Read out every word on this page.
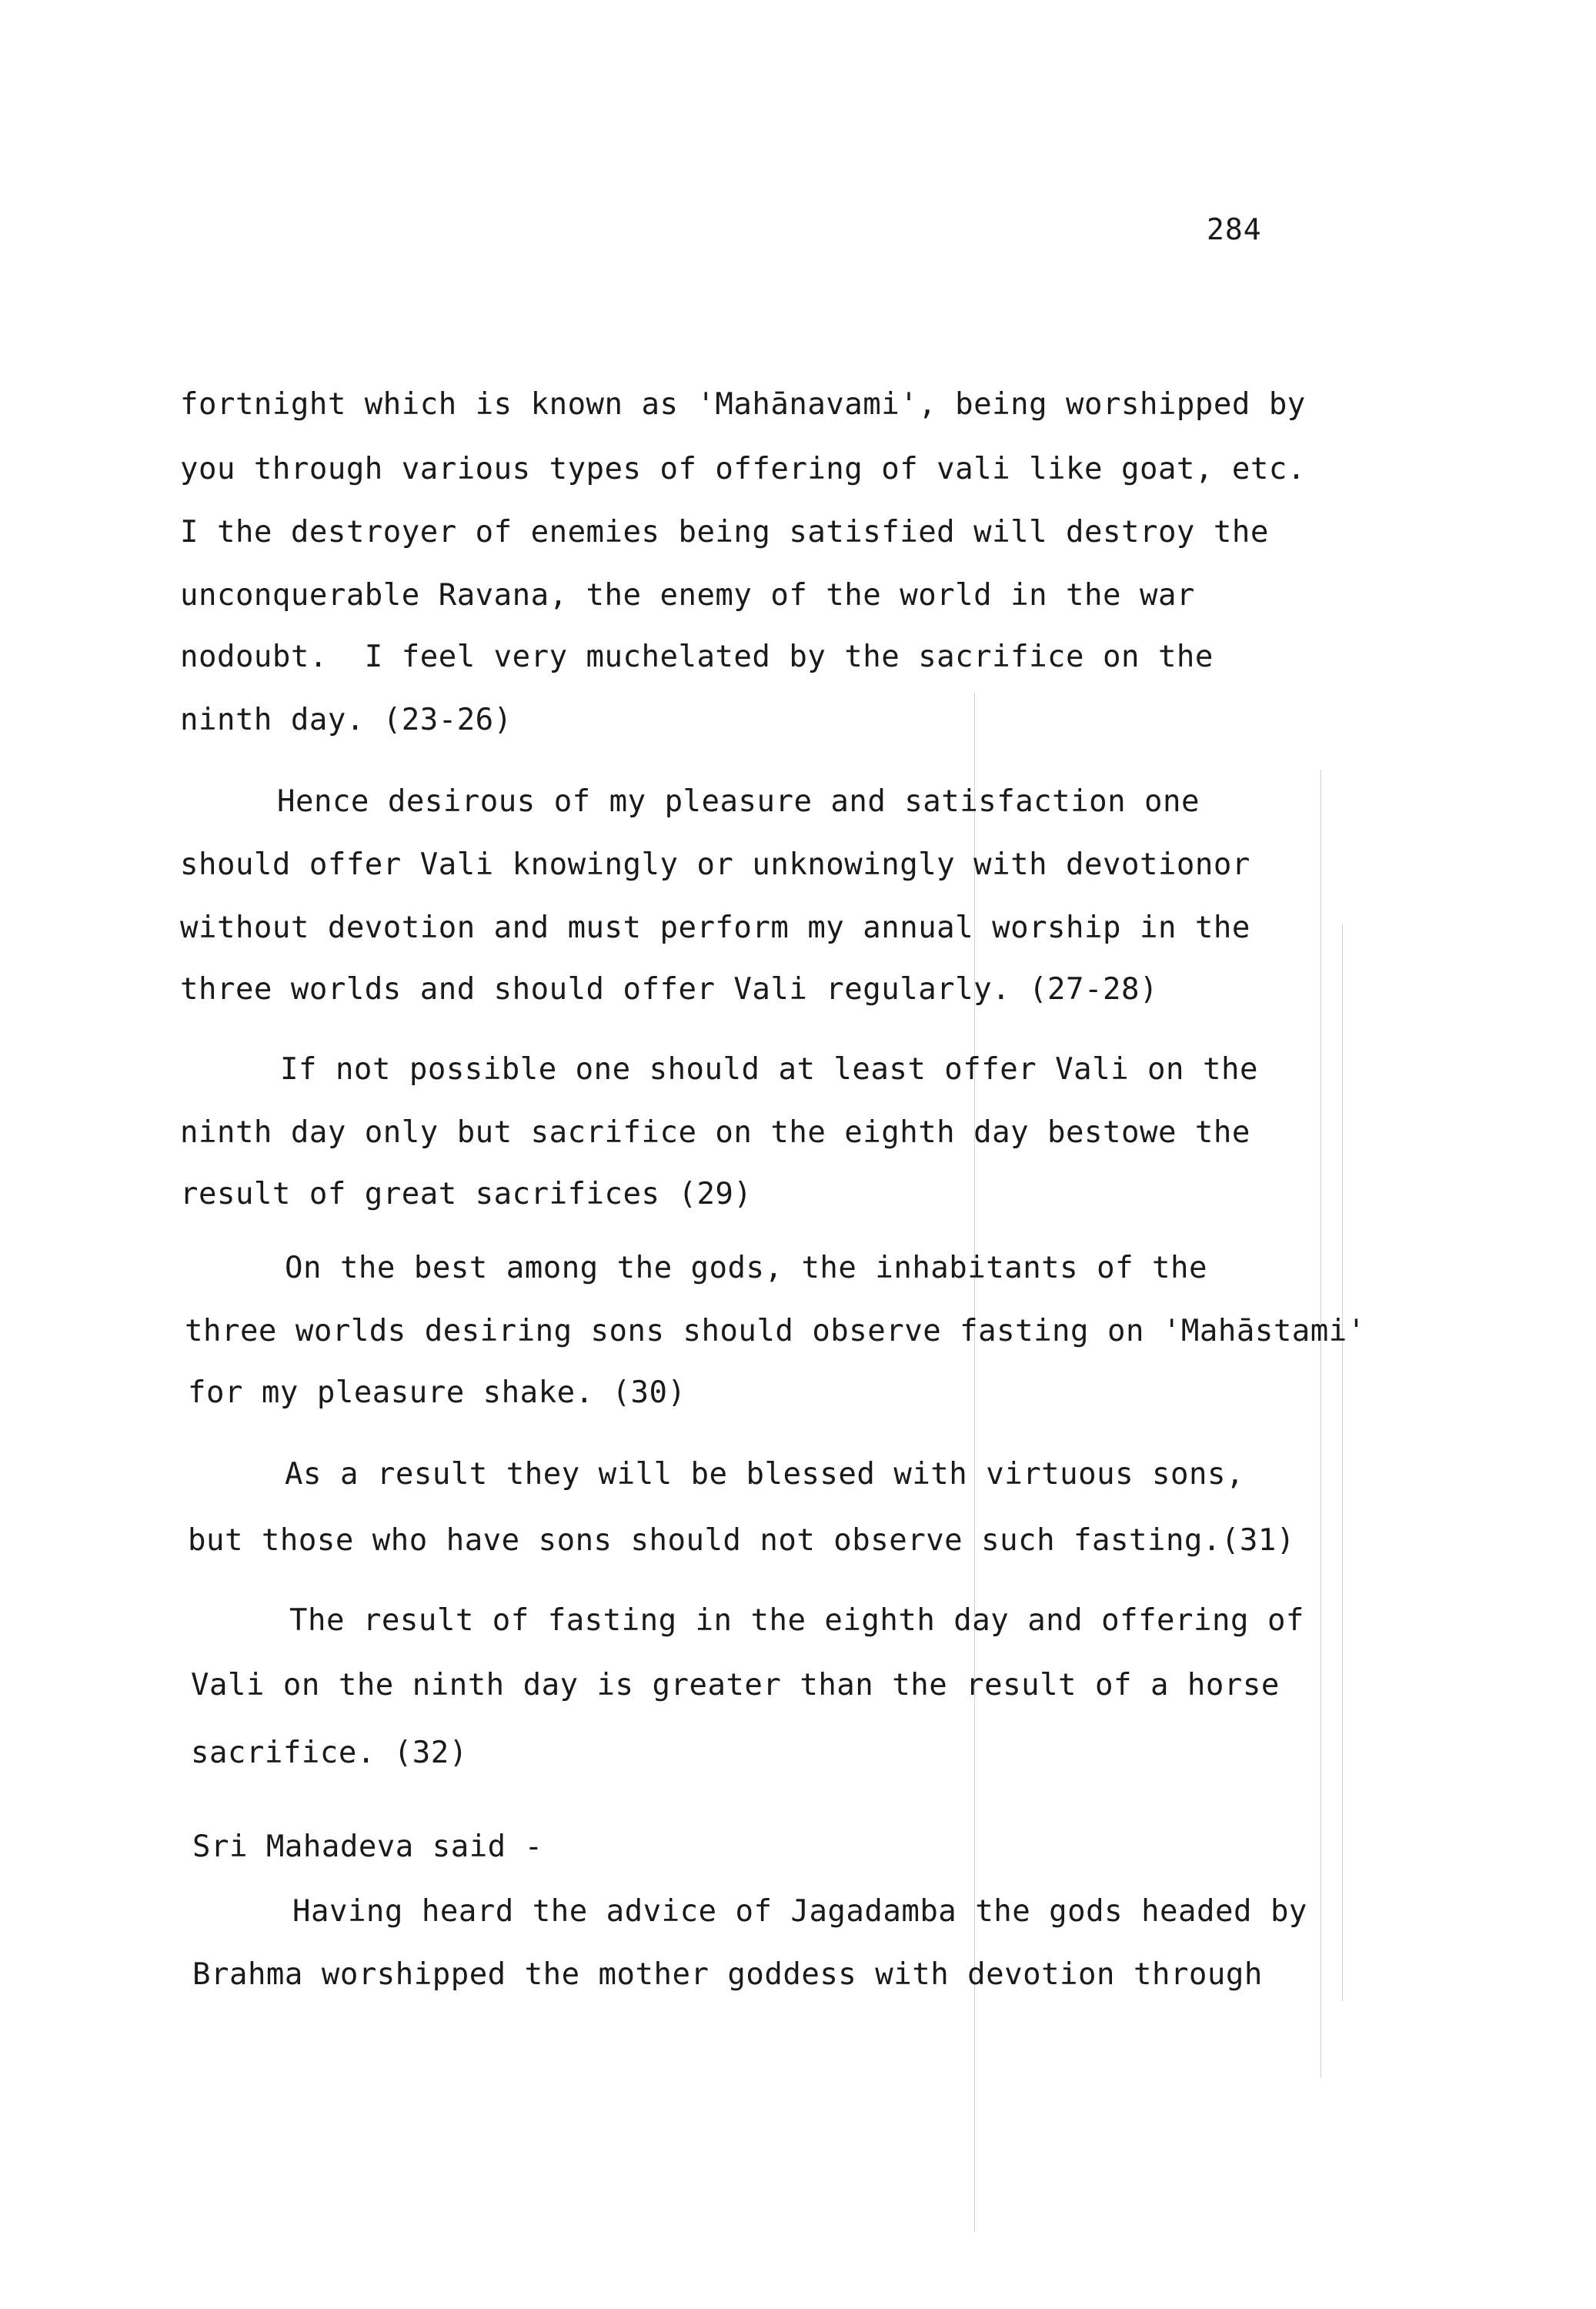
284
fortnight which is known as 'Mahānavami', being worshipped by
you through various types of offering of vali like goat, etc.
I the destroyer of enemies being satisfied will destroy the
unconquerable Ravana, the enemy of the world in the war
nodoubt.  I feel very muchelated by the sacrifice on the
ninth day. (23-26)
Hence desirous of my pleasure and satisfaction one
should offer Vali knowingly or unknowingly with devotionor
without devotion and must perform my annual worship in the
three worlds and should offer Vali regularly. (27-28)
If not possible one should at least offer Vali on the
ninth day only but sacrifice on the eighth day bestowe the
result of great sacrifices (29)
On the best among the gods, the inhabitants of the
three worlds desiring sons should observe fasting on 'Mahāstami'
for my pleasure shake. (30)
As a result they will be blessed with virtuous sons,
but those who have sons should not observe such fasting.(31)
The result of fasting in the eighth day and offering of
Vali on the ninth day is greater than the result of a horse
sacrifice. (32)
Sri Mahadeva said -
Having heard the advice of Jagadamba the gods headed by
Brahma worshipped the mother goddess with devotion through
